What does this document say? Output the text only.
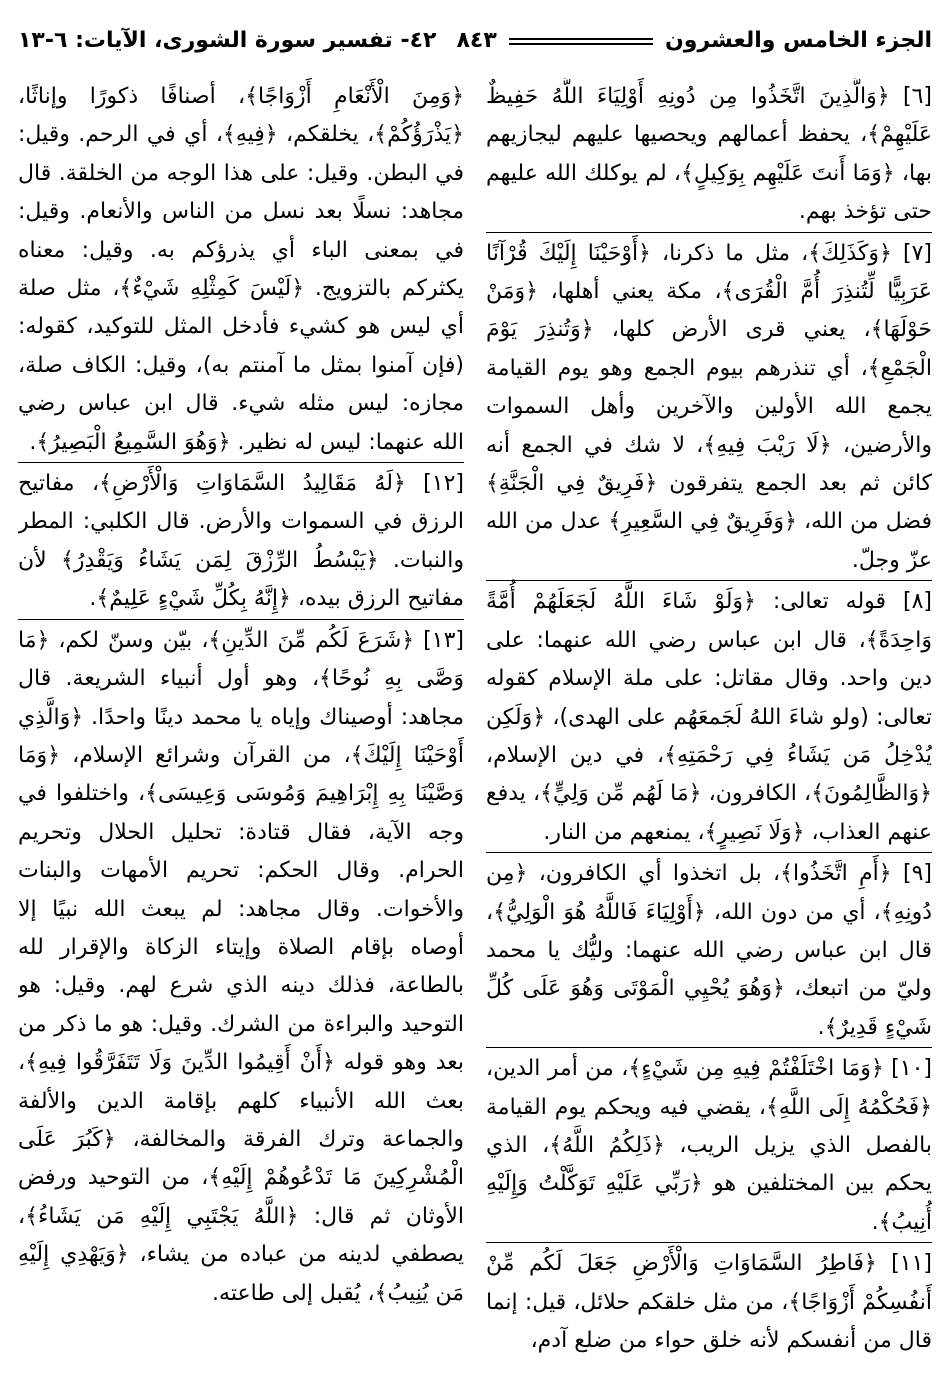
الجزء الخامس والعشرون
٨٤٣
٤٢- تفسير سورة الشورى، الآيات: ٦-١٣

[٦] ﴿وَالَّذِينَ اتَّخَذُوا مِن دُونِهِ أَوْلِيَاءَ اللَّهُ حَفِيظٌ عَلَيْهِمْ﴾، يحفظ أعمالهم ويحصيها عليهم ليجازيهم بها، ﴿وَمَا أَنتَ عَلَيْهِم بِوَكِيلٍ﴾، لم يوكلك الله عليهم حتى تؤخذ بهم.

[٧] ﴿وَكَذَلِكَ﴾، مثل ما ذكرنا، ﴿أَوْحَيْنَا إِلَيْكَ قُرْآنًا عَرَبِيًّا لِّتُنذِرَ أُمَّ الْقُرَى﴾، مكة يعني أهلها، ﴿وَمَنْ حَوْلَهَا﴾، يعني قرى الأرض كلها، ﴿وَتُنذِرَ يَوْمَ الْجَمْعِ﴾، أي تنذرهم بيوم الجمع وهو يوم القيامة يجمع الله الأولين والآخرين وأهل السموات والأرضين، ﴿لَا رَيْبَ فِيهِ﴾، لا شك في الجمع أنه كائن ثم بعد الجمع يتفرقون ﴿فَرِيقٌ فِي الْجَنَّةِ﴾ فضل من الله، ﴿وَفَرِيقٌ فِي السَّعِيرِ﴾ عدل من الله عزّ وجلّ.

[٨] قوله تعالى: ﴿وَلَوْ شَاءَ اللَّهُ لَجَعَلَهُمْ أُمَّةً وَاحِدَةً﴾، قال ابن عباس رضي الله عنهما: على دين واحد. وقال مقاتل: على ملة الإسلام كقوله تعالى: (ولو شاءَ اللهُ لَجَمعَهُم على الهدى)، ﴿وَلَكِن يُدْخِلُ مَن يَشَاءُ فِي رَحْمَتِهِ﴾، في دين الإسلام، ﴿وَالظَّالِمُونَ﴾، الكافرون، ﴿مَا لَهُم مِّن وَلِيٍّ﴾، يدفع عنهم العذاب، ﴿وَلَا نَصِيرٍ﴾، يمنعهم من النار.

[٩] ﴿أَمِ اتَّخَذُوا﴾، بل اتخذوا أي الكافرون، ﴿مِن دُونِهِ﴾، أي من دون الله، ﴿أَوْلِيَاءَ فَاللَّهُ هُوَ الْوَلِيُّ﴾، قال ابن عباس رضي الله عنهما: وليُّك يا محمد وليّ من اتبعك، ﴿وَهُوَ يُحْيِي الْمَوْتَى وَهُوَ عَلَى كُلِّ شَيْءٍ قَدِيرٌ﴾.

[١٠] ﴿وَمَا اخْتَلَفْتُمْ فِيهِ مِن شَيْءٍ﴾، من أمر الدين، ﴿فَحُكْمُهُ إِلَى اللَّهِ﴾، يقضي فيه ويحكم يوم القيامة بالفصل الذي يزيل الريب، ﴿ذَلِكُمُ اللَّهُ﴾، الذي يحكم بين المختلفين هو ﴿رَبِّي عَلَيْهِ تَوَكَّلْتُ وَإِلَيْهِ أُنِيبُ﴾.

[١١] ﴿فَاطِرُ السَّمَاوَاتِ وَالْأَرْضِ جَعَلَ لَكُم مِّنْ أَنفُسِكُمْ أَزْوَاجًا﴾، من مثل خلقكم حلائل، قيل: إنما قال من أنفسكم لأنه خلق حواء من ضلع آدم،

﴿وَمِنَ الْأَنْعَامِ أَزْوَاجًا﴾، أصنافًا ذكورًا وإناثًا، ﴿يَذْرَؤُكُمْ﴾، يخلقكم، ﴿فِيهِ﴾، أي في الرحم. وقيل: في البطن. وقيل: على هذا الوجه من الخلقة. قال مجاهد: نسلًا بعد نسل من الناس والأنعام. وقيل: في بمعنى الباء أي يذرؤكم به. وقيل: معناه يكثركم بالتزويج. ﴿لَيْسَ كَمِثْلِهِ شَيْءٌ﴾، مثل صلة أي ليس هو كشيء فأدخل المثل للتوكيد، كقوله: (فإن آمنوا بمثل ما آمنتم به)، وقيل: الكاف صلة، مجازه: ليس مثله شيء. قال ابن عباس رضي الله عنهما: ليس له نظير. ﴿وَهُوَ السَّمِيعُ الْبَصِيرُ﴾.

[١٢] ﴿لَهُ مَقَالِيدُ السَّمَاوَاتِ وَالْأَرْضِ﴾، مفاتيح الرزق في السموات والأرض. قال الكلبي: المطر والنبات. ﴿يَبْسُطُ الرِّزْقَ لِمَن يَشَاءُ وَيَقْدِرُ﴾ لأن مفاتيح الرزق بيده، ﴿إِنَّهُ بِكُلِّ شَيْءٍ عَلِيمٌ﴾.

[١٣] ﴿شَرَعَ لَكُم مِّنَ الدِّينِ﴾، بيّن وسنّ لكم، ﴿مَا وَصَّى بِهِ نُوحًا﴾، وهو أول أنبياء الشريعة. قال مجاهد: أوصيناك وإياه يا محمد دينًا واحدًا. ﴿وَالَّذِي أَوْحَيْنَا إِلَيْكَ﴾، من القرآن وشرائع الإسلام، ﴿وَمَا وَصَّيْنَا بِهِ إِبْرَاهِيمَ وَمُوسَى وَعِيسَى﴾، واختلفوا في وجه الآية، فقال قتادة: تحليل الحلال وتحريم الحرام. وقال الحكم: تحريم الأمهات والبنات والأخوات. وقال مجاهد: لم يبعث الله نبيًا إلا أوصاه بإقام الصلاة وإيتاء الزكاة والإقرار لله بالطاعة، فذلك دينه الذي شرع لهم. وقيل: هو التوحيد والبراءة من الشرك. وقيل: هو ما ذكر من بعد وهو قوله ﴿أَنْ أَقِيمُوا الدِّينَ وَلَا تَتَفَرَّقُوا فِيهِ﴾، بعث الله الأنبياء كلهم بإقامة الدين والألفة والجماعة وترك الفرقة والمخالفة، ﴿كَبُرَ عَلَى الْمُشْرِكِينَ مَا تَدْعُوهُمْ إِلَيْهِ﴾، من التوحيد ورفض الأوثان ثم قال: ﴿اللَّهُ يَجْتَبِي إِلَيْهِ مَن يَشَاءُ﴾، يصطفي لدينه من عباده من يشاء، ﴿وَيَهْدِي إِلَيْهِ مَن يُنِيبُ﴾، يُقبل إلى طاعته.
